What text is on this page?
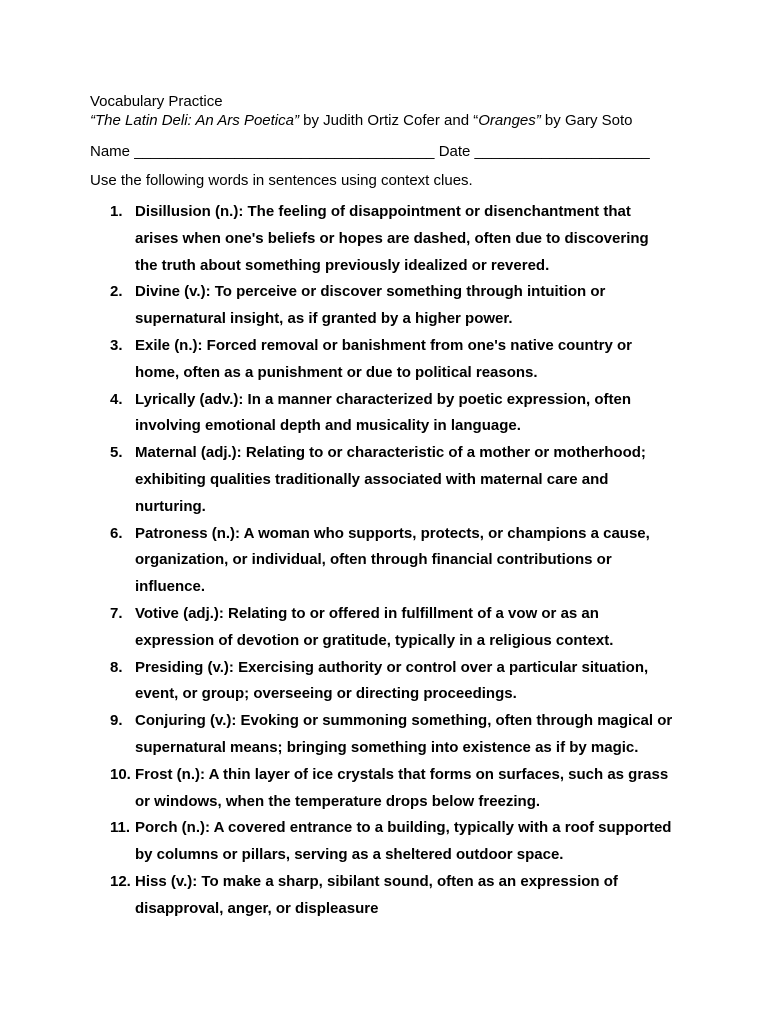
Vocabulary Practice
“The Latin Deli: An Ars Poetica” by Judith Ortiz Cofer and “Oranges” by Gary Soto
Name ____________________________________ Date _____________________
Use the following words in sentences using context clues.
1. Disillusion (n.): The feeling of disappointment or disenchantment that
arises when one's beliefs or hopes are dashed, often due to discovering
the truth about something previously idealized or revered.
2. Divine (v.): To perceive or discover something through intuition or
supernatural insight, as if granted by a higher power.
3. Exile (n.): Forced removal or banishment from one's native country or
home, often as a punishment or due to political reasons.
4. Lyrically (adv.): In a manner characterized by poetic expression, often
involving emotional depth and musicality in language.
5. Maternal (adj.): Relating to or characteristic of a mother or motherhood;
exhibiting qualities traditionally associated with maternal care and
nurturing.
6. Patroness (n.): A woman who supports, protects, or champions a cause,
organization, or individual, often through financial contributions or
influence.
7. Votive (adj.): Relating to or offered in fulfillment of a vow or as an
expression of devotion or gratitude, typically in a religious context.
8. Presiding (v.): Exercising authority or control over a particular situation,
event, or group; overseeing or directing proceedings.
9. Conjuring (v.): Evoking or summoning something, often through magical or
supernatural means; bringing something into existence as if by magic.
10. Frost (n.): A thin layer of ice crystals that forms on surfaces, such as grass
or windows, when the temperature drops below freezing.
11. Porch (n.): A covered entrance to a building, typically with a roof supported
by columns or pillars, serving as a sheltered outdoor space.
12. Hiss (v.): To make a sharp, sibilant sound, often as an expression of
disapproval, anger, or displeasure
